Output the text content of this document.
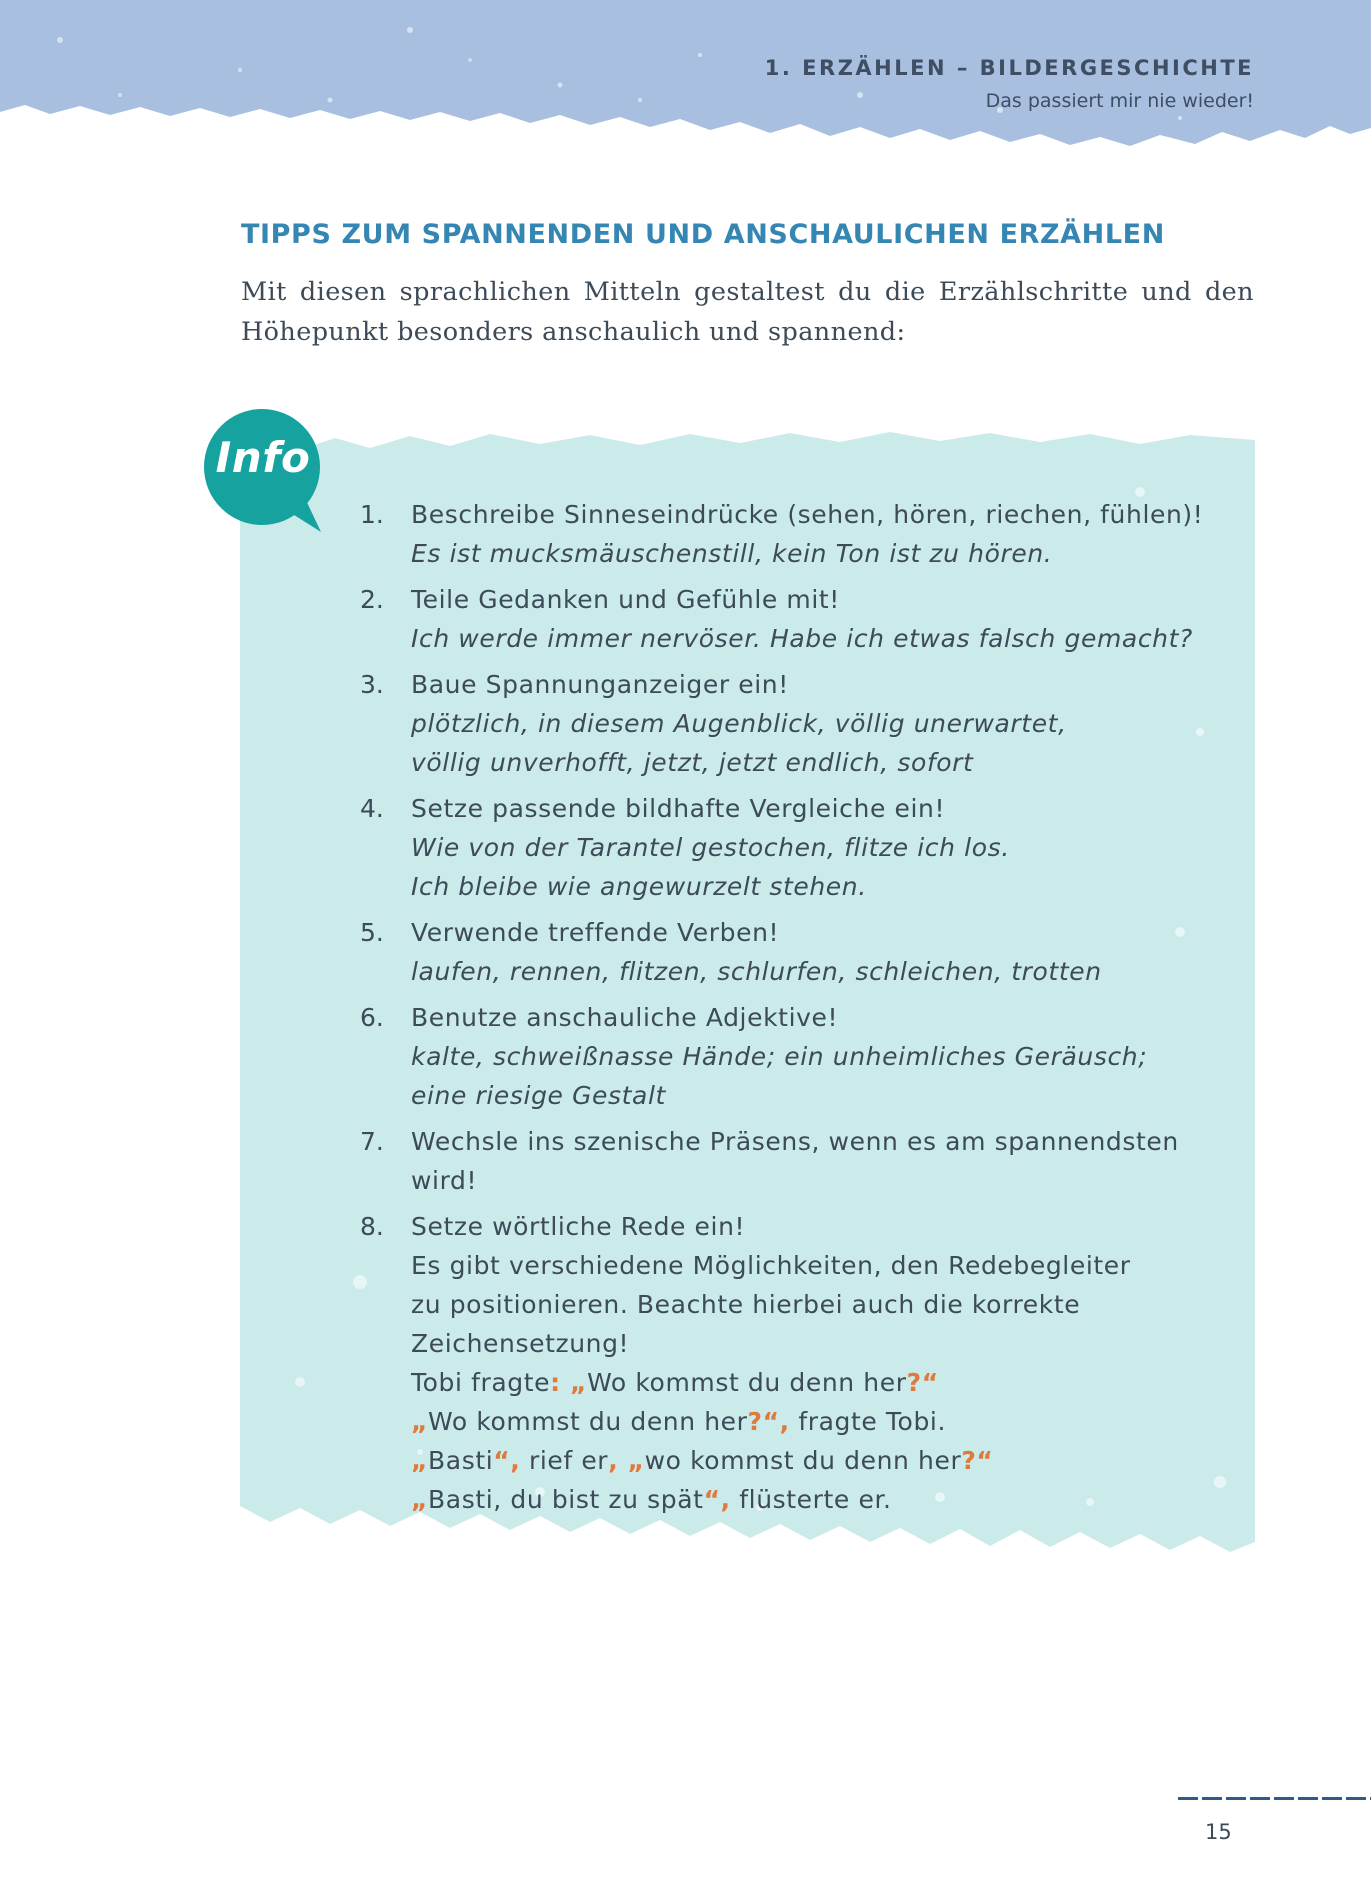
1. ERZÄHLEN – BILDERGESCHICHTE
Das passiert mir nie wieder!
TIPPS ZUM SPANNENDEN UND ANSCHAULICHEN ERZÄHLEN

Mit diesen sprachlichen Mitteln gestaltest du die Erzählschritte und den Höhepunkt besonders anschaulich und spannend:

Info
1. Beschreibe Sinneseindrücke (sehen, hören, riechen, fühlen)!
Es ist mucksmäuschenstill, kein Ton ist zu hören.
2. Teile Gedanken und Gefühle mit!
Ich werde immer nervöser. Habe ich etwas falsch gemacht?
3. Baue Spannunganzeiger ein!
plötzlich, in diesem Augenblick, völlig unerwartet,
völlig unverhofft, jetzt, jetzt endlich, sofort
4. Setze passende bildhafte Vergleiche ein!
Wie von der Tarantel gestochen, flitze ich los.
Ich bleibe wie angewurzelt stehen.
5. Verwende treffende Verben!
laufen, rennen, flitzen, schlurfen, schleichen, trotten
6. Benutze anschauliche Adjektive!
kalte, schweißnasse Hände; ein unheimliches Geräusch;
eine riesige Gestalt
7. Wechsle ins szenische Präsens, wenn es am spannendsten
wird!
8. Setze wörtliche Rede ein!
Es gibt verschiedene Möglichkeiten, den Redebegleiter
zu positionieren. Beachte hierbei auch die korrekte
Zeichensetzung!
Tobi fragte: „Wo kommst du denn her?“
„Wo kommst du denn her?“, fragte Tobi.
„Basti“, rief er, „wo kommst du denn her?“
„Basti, du bist zu spät“, flüsterte er.
15
